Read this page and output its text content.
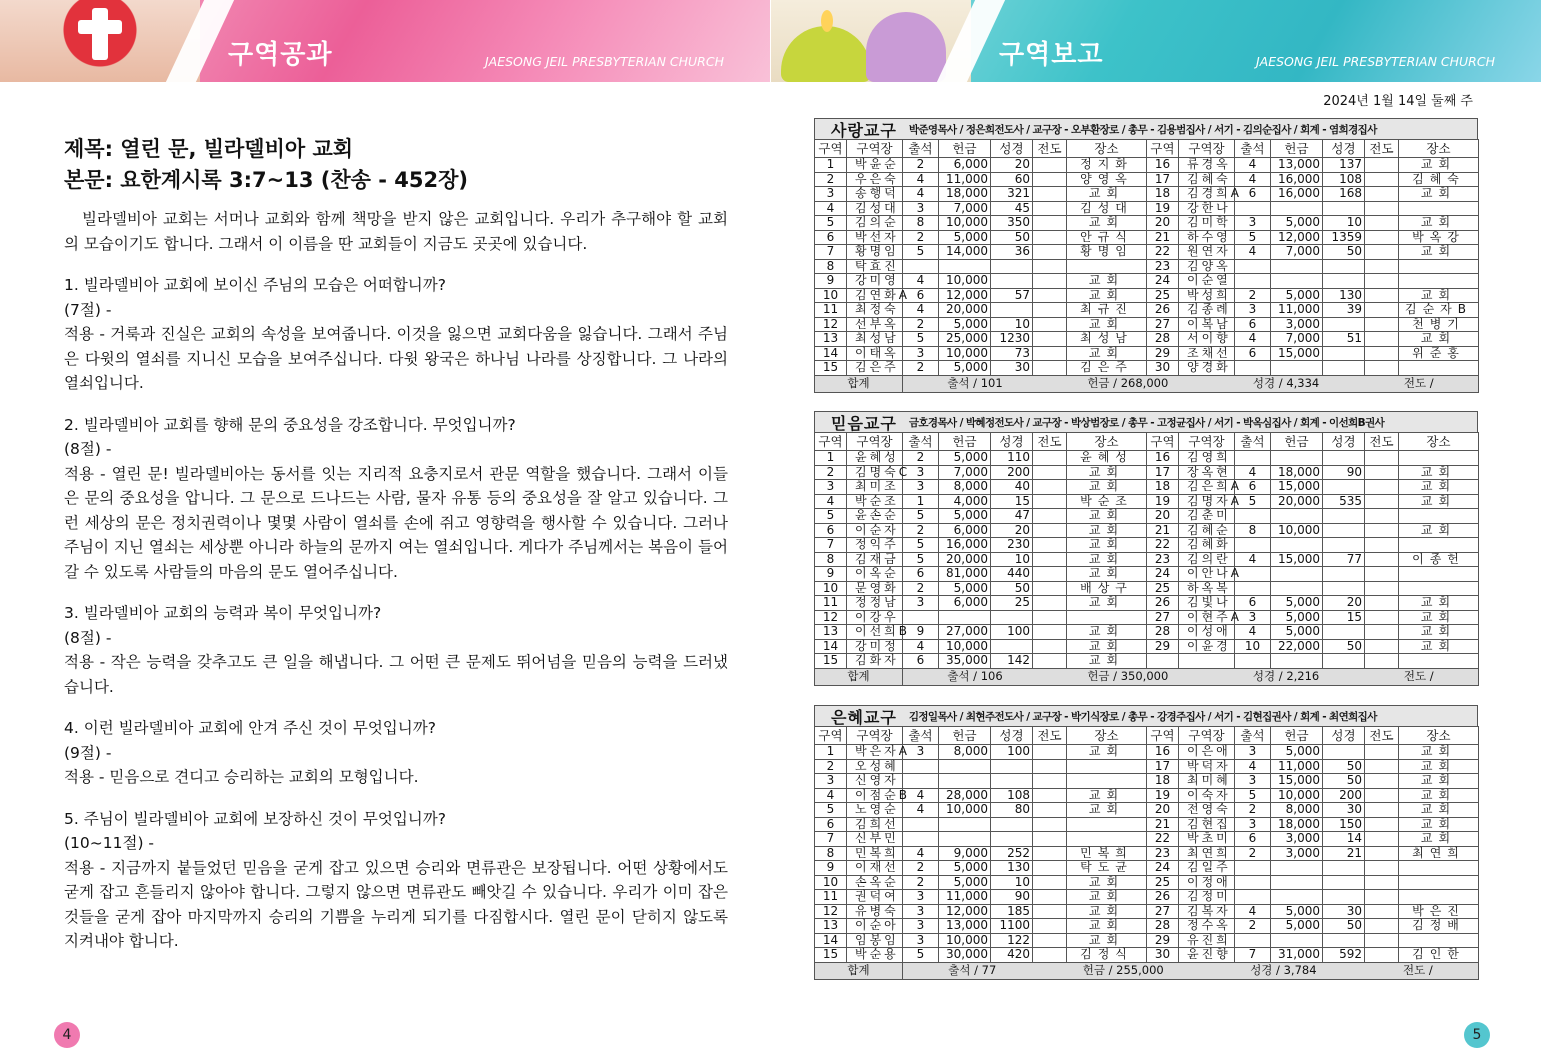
구역공과	JAESONG JEIL PRESBYTERIAN CHURCH
제목: 열린 문, 빌라델비아 교회
본문: 요한계시록 3:7~13 (찬송 - 452장)

빌라델비아 교회는 서머나 교회와 함께 책망을 받지 않은 교회입니다. 우리가 추구해야 할 교회의 모습이기도 합니다. 그래서 이 이름을 딴 교회들이 지금도 곳곳에 있습니다.

1. 빌라델비아 교회에 보이신 주님의 모습은 어떠합니까?

(7절) -

적용 - 거룩과 진실은 교회의 속성을 보여줍니다. 이것을 잃으면 교회다움을 잃습니다. 그래서 주님은 다윗의 열쇠를 지니신 모습을 보여주십니다. 다윗 왕국은 하나님 나라를 상징합니다. 그 나라의 열쇠입니다.

2. 빌라델비아 교회를 향해 문의 중요성을 강조합니다. 무엇입니까?

(8절) -

적용 - 열린 문! 빌라델비아는 동서를 잇는 지리적 요충지로서 관문 역할을 했습니다. 그래서 이들은 문의 중요성을 압니다. 그 문으로 드나드는 사람, 물자 유통 등의 중요성을 잘 알고 있습니다. 그런 세상의 문은 정치권력이나 몇몇 사람이 열쇠를 손에 쥐고 영향력을 행사할 수 있습니다. 그러나 주님이 지닌 열쇠는 세상뿐 아니라 하늘의 문까지 여는 열쇠입니다. 게다가 주님께서는 복음이 들어갈 수 있도록 사람들의 마음의 문도 열어주십니다.

3. 빌라델비아 교회의 능력과 복이 무엇입니까?

(8절) -

적용 - 작은 능력을 갖추고도 큰 일을 해냅니다. 그 어떤 큰 문제도 뛰어넘을 믿음의 능력을 드러냈습니다.

4. 이런 빌라델비아 교회에 안겨 주신 것이 무엇입니까?

(9절) -

적용 - 믿음으로 견디고 승리하는 교회의 모형입니다.

5. 주님이 빌라델비아 교회에 보장하신 것이 무엇입니까?

(10~11절) -

적용 - 지금까지 붙들었던 믿음을 굳게 잡고 있으면 승리와 면류관은 보장됩니다. 어떤 상황에서도 굳게 잡고 흔들리지 않아야 합니다. 그렇지 않으면 면류관도 빼앗길 수 있습니다. 우리가 이미 잡은 것들을 굳게 잡아 마지막까지 승리의 기쁨을 누리게 되기를 다짐합시다. 열린 문이 닫히지 않도록 지켜내야 합니다.

4
구역보고	JAESONG JEIL PRESBYTERIAN CHURCH
2024년 1월 14일 둘째 주
사랑교구 박준영목사 / 정은희전도사 / 교구장 - 오부환장로 / 총무 - 김용범집사 / 서기 - 김의순집사 / 회계 - 염희경집사
구역	구역장	출석	헌금	성경	전도	장소	구역	구역장	출석	헌금	성경	전도	장소
1	박윤순	2	6,000	20		정지화	16	류경옥	4	13,000	137		교회
2	우은숙	4	11,000	60		양영옥	17	김혜숙	4	16,000	108		김혜숙
3	송행덕	4	18,000	321		교회	18	김경희A	6	16,000	168		교회
4	김성대	3	7,000	45		김성대	19	강한나					
5	김의순	8	10,000	350		교회	20	김미학	3	5,000	10		교회
6	박선자	2	5,000	50		안규식	21	하수영	5	12,000	1359		박옥강
7	황명임	5	14,000	36		황명임	22	원연자	4	7,000	50		교회
8	탁효진						23	김양옥					
9	강미영	4	10,000			교회	24	이순열					
10	김연화A	6	12,000	57		교회	25	박성희	2	5,000	130		교회
11	최정숙	4	20,000			최규진	26	김종례	3	11,000	39		김순자B
12	선부옥	2	5,000	10		교회	27	이복남	6	3,000			천병기
13	최성남	5	25,000	1230		최성남	28	서이향	4	7,000	51		교회
14	이태옥	3	10,000	73		교회	29	조채선	6	15,000			위준홍
15	김은주	2	5,000	30		김은주	30	양경화					
합계		출석 / 101 헌금 / 268,000 성경 / 4,334 전도 /											
믿음교구 금호경목사 / 박혜정전도사 / 교구장 - 박상범장로 / 총무 - 고정균집사 / 서기 - 박옥심집사 / 회계 - 이선희B권사
구역	구역장	출석	헌금	성경	전도	장소	구역	구역장	출석	헌금	성경	전도	장소
1	윤혜성	2	5,000	110		윤혜성	16	김영희					
2	김명숙C	3	7,000	200		교회	17	장옥현	4	18,000	90		교회
3	최미조	3	8,000	40		교회	18	김은희A	6	15,000			교회
4	박순조	1	4,000	15		박순조	19	김명자A	5	20,000	535		교회
5	윤손순	5	5,000	47		교회	20	김춘미					
6	이순자	2	6,000	20		교회	21	김혜순	8	10,000			교회
7	정익주	5	16,000	230		교회	22	김혜화					
8	김재금	5	20,000	10		교회	23	김의란	4	15,000	77		이종헌
9	이옥순	6	81,000	440		교회	24	이안나A					
10	문영화	2	5,000	50		배상구	25	하옥복					
11	정정남	3	6,000	25		교회	26	김빛나	6	5,000	20		교회
12	이강우						27	이현주A	3	5,000	15		교회
13	이선희B	9	27,000	100		교회	28	이성애	4	5,000			교회
14	강미정	4	10,000			교회	29	이윤경	10	22,000	50		교회
15	김화자	6	35,000	142		교회							
합계		출석 / 106 헌금 / 350,000 성경 / 2,216 전도 /											
은혜교구 김정일목사 / 최현주전도사 / 교구장 - 박기식장로 / 총무 - 강경주집사 / 서기 - 김현집권사 / 회계 - 최연희집사
구역	구역장	출석	헌금	성경	전도	장소	구역	구역장	출석	헌금	성경	전도	장소
1	박은자A	3	8,000	100		교회	16	이은애	3	5,000			교회
2	오성혜						17	박덕자	4	11,000	50		교회
3	신영자						18	최미혜	3	15,000	50		교회
4	이점순B	4	28,000	108		교회	19	이숙자	5	10,000	200		교회
5	노영순	4	10,000	80		교회	20	전영숙	2	8,000	30		교회
6	김희선						21	김현집	3	18,000	150		교회
7	신부민						22	박초미	6	3,000	14		교회
8	민복희	4	9,000	252		민복희	23	최연희	2	3,000	21		최연희
9	이재선	2	5,000	130		탁도균	24	김일주					
10	손옥순	2	5,000	10		교회	25	이정애					
11	권덕여	3	11,000	90		교회	26	김정미					
12	유병숙	3	12,000	185		교회	27	김복자	4	5,000	30		박은진
13	이순아	3	13,000	1100		교회	28	정수옥	2	5,000	50		김정배
14	임봉임	3	10,000	122		교회	29	유진희					
15	박순용	5	30,000	420		김정식	30	윤진향	7	31,000	592		김인한
합계		출석 / 77 헌금 / 255,000 성경 / 3,784 전도 /											
5
